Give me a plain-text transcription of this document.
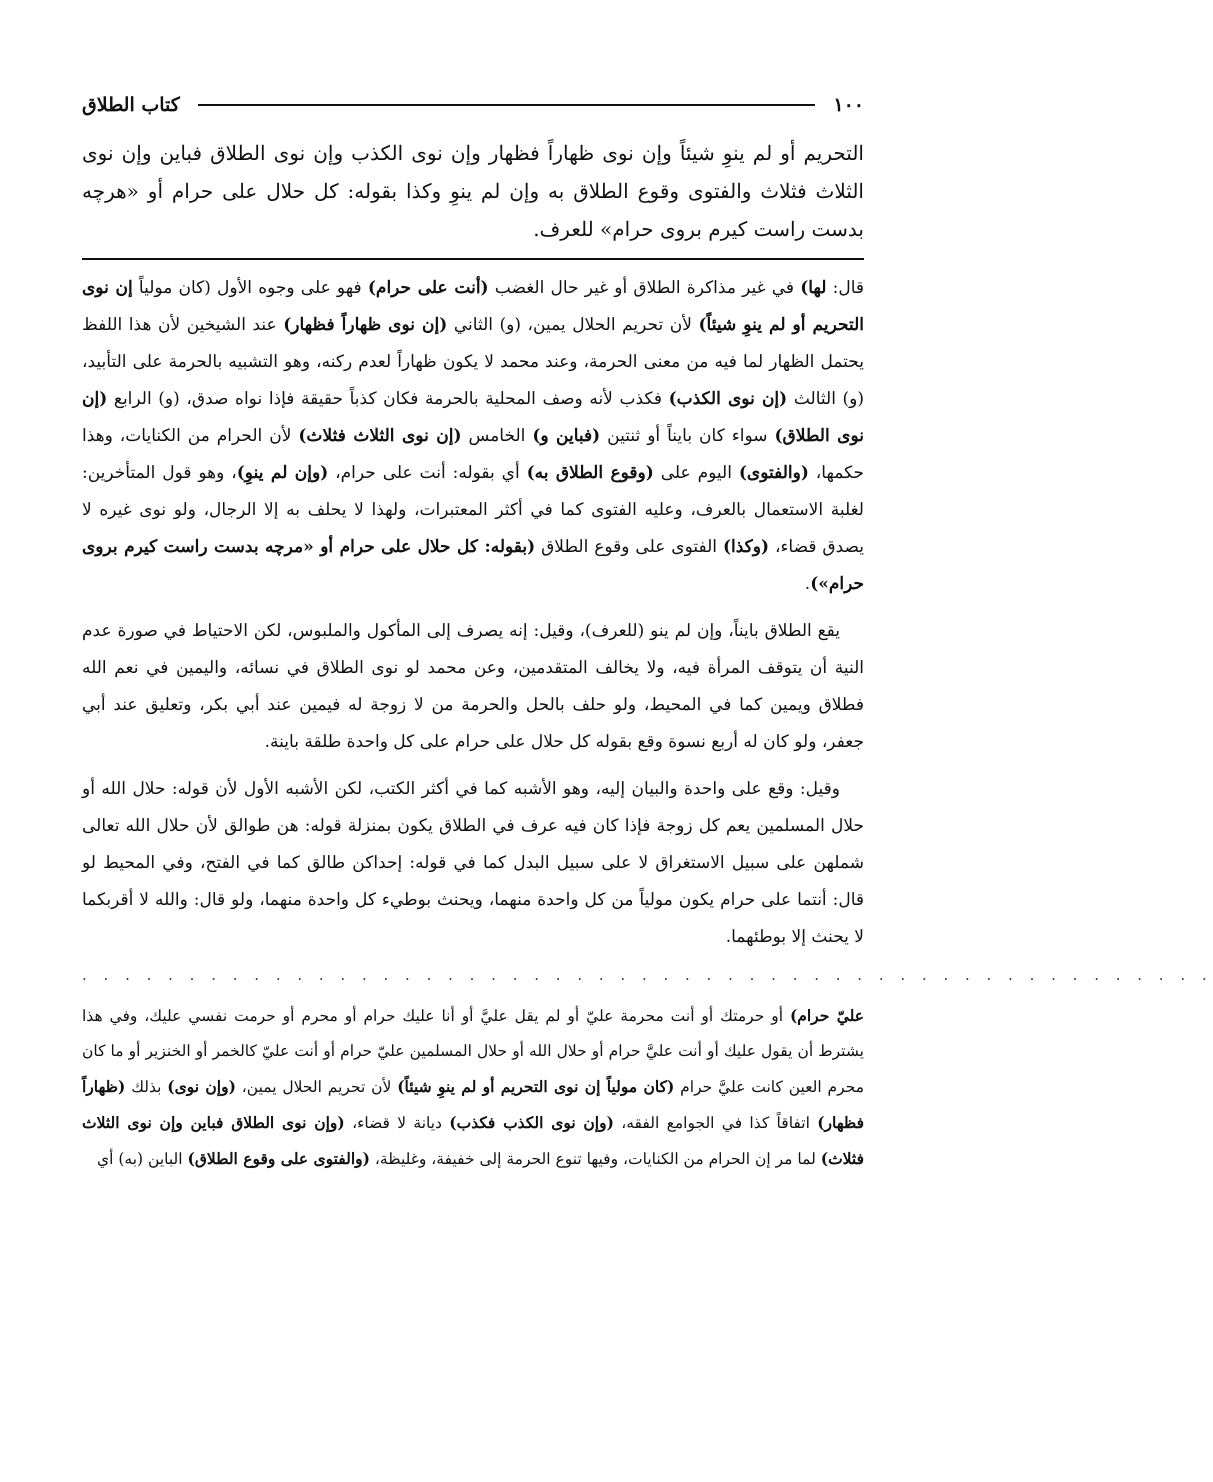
١٠٠
كتاب الطلاق

التحريم أو لم ينوِ شيئاً وإن نوى ظهاراً فظهار وإن نوى الكذب وإن نوى الطلاق فباين وإن نوى الثلاث فثلاث والفتوى وقوع الطلاق به وإن لم ينوِ وكذا بقوله: كل حلال على حرام أو «هرچه بدست راست كيرم بروى حرام» للعرف.

قال: لها) في غير مذاكرة الطلاق أو غير حال الغضب (أنت على حرام) فهو على وجوه الأول (كان مولياً إن نوى التحريم أو لم ينوِ شيئاً) لأن تحريم الحلال يمين، (و) الثاني (إن نوى ظهاراً فظهار) عند الشيخين لأن هذا اللفظ يحتمل الظهار لما فيه من معنى الحرمة، وعند محمد لا يكون ظهاراً لعدم ركنه، وهو التشبيه بالحرمة على التأبيد، (و) الثالث (إن نوى الكذب) فكذب لأنه وصف المحلية بالحرمة فكان كذباً حقيقة فإذا نواه صدق، (و) الرابع (إن نوى الطلاق) سواء كان بايناً أو ثنتين (فباين و) الخامس (إن نوى الثلاث فثلاث) لأن الحرام من الكنايات، وهذا حكمها، (والفتوى) اليوم على (وقوع الطلاق به) أي بقوله: أنت على حرام، (وإن لم ينوِ)، وهو قول المتأخرين: لغلبة الاستعمال بالعرف، وعليه الفتوى كما في أكثر المعتبرات، ولهذا لا يحلف به إلا الرجال، ولو نوى غيره لا يصدق قضاء، (وكذا) الفتوى على وقوع الطلاق (بقوله: كل حلال على حرام أو «مرچه بدست راست كيرم بروى حرام»).

يقع الطلاق بايناً، وإن لم ينو (للعرف)، وقيل: إنه يصرف إلى المأكول والملبوس، لكن الاحتياط في صورة عدم النية أن يتوقف المرأة فيه، ولا يخالف المتقدمين، وعن محمد لو نوى الطلاق في نسائه، واليمين في نعم الله فطلاق ويمين كما في المحيط، ولو حلف بالحل والحرمة من لا زوجة له فيمين عند أبي بكر، وتعليق عند أبي جعفر، ولو كان له أربع نسوة وقع بقوله كل حلال على حرام على كل واحدة طلقة باينة.

وقيل: وقع على واحدة والبيان إليه، وهو الأشبه كما في أكثر الكتب، لكن الأشبه الأول لأن قوله: حلال الله أو حلال المسلمين يعم كل زوجة فإذا كان فيه عرف في الطلاق يكون بمنزلة قوله: هن طوالق لأن حلال الله تعالى شملهن على سبيل الاستغراق لا على سبيل البدل كما في قوله: إحداكن طالق كما في الفتح، وفي المحيط لو قال: أنتما على حرام يكون مولياً من كل واحدة منهما، ويحنث بوطيء كل واحدة منهما، ولو قال: والله لا أقربكما لا يحنث إلا بوطئهما.

. . . . . . . . . . . . . . . . . . . . . . . . . . . . . . . . . . . . . . . . . . . . . . . . . . . . .

عليّ حرام) أو حرمتك أو أنت محرمة عليّ أو لم يقل عليَّ أو أنا عليك حرام أو محرم أو حرمت نفسي عليك، وفي هذا يشترط أن يقول عليك أو أنت عليَّ حرام أو حلال الله أو حلال المسلمين عليّ حرام أو أنت عليّ كالخمر أو الخنزير أو ما كان محرم العين كانت عليَّ حرام (كان مولياً إن نوى التحريم أو لم ينوِ شيئاً) لأن تحريم الحلال يمين، (وإن نوى) بذلك (ظهاراً فظهار) اتفاقاً كذا في الجوامع الفقه، (وإن نوى الكذب فكذب) ديانة لا قضاء، (وإن نوى الطلاق فباين وإن نوى الثلاث فثلاث) لما مر إن الحرام من الكنايات، وفيها تنوع الحرمة إلى خفيفة، وغليظة، (والفتوى على وقوع الطلاق) الباين (به) أي
